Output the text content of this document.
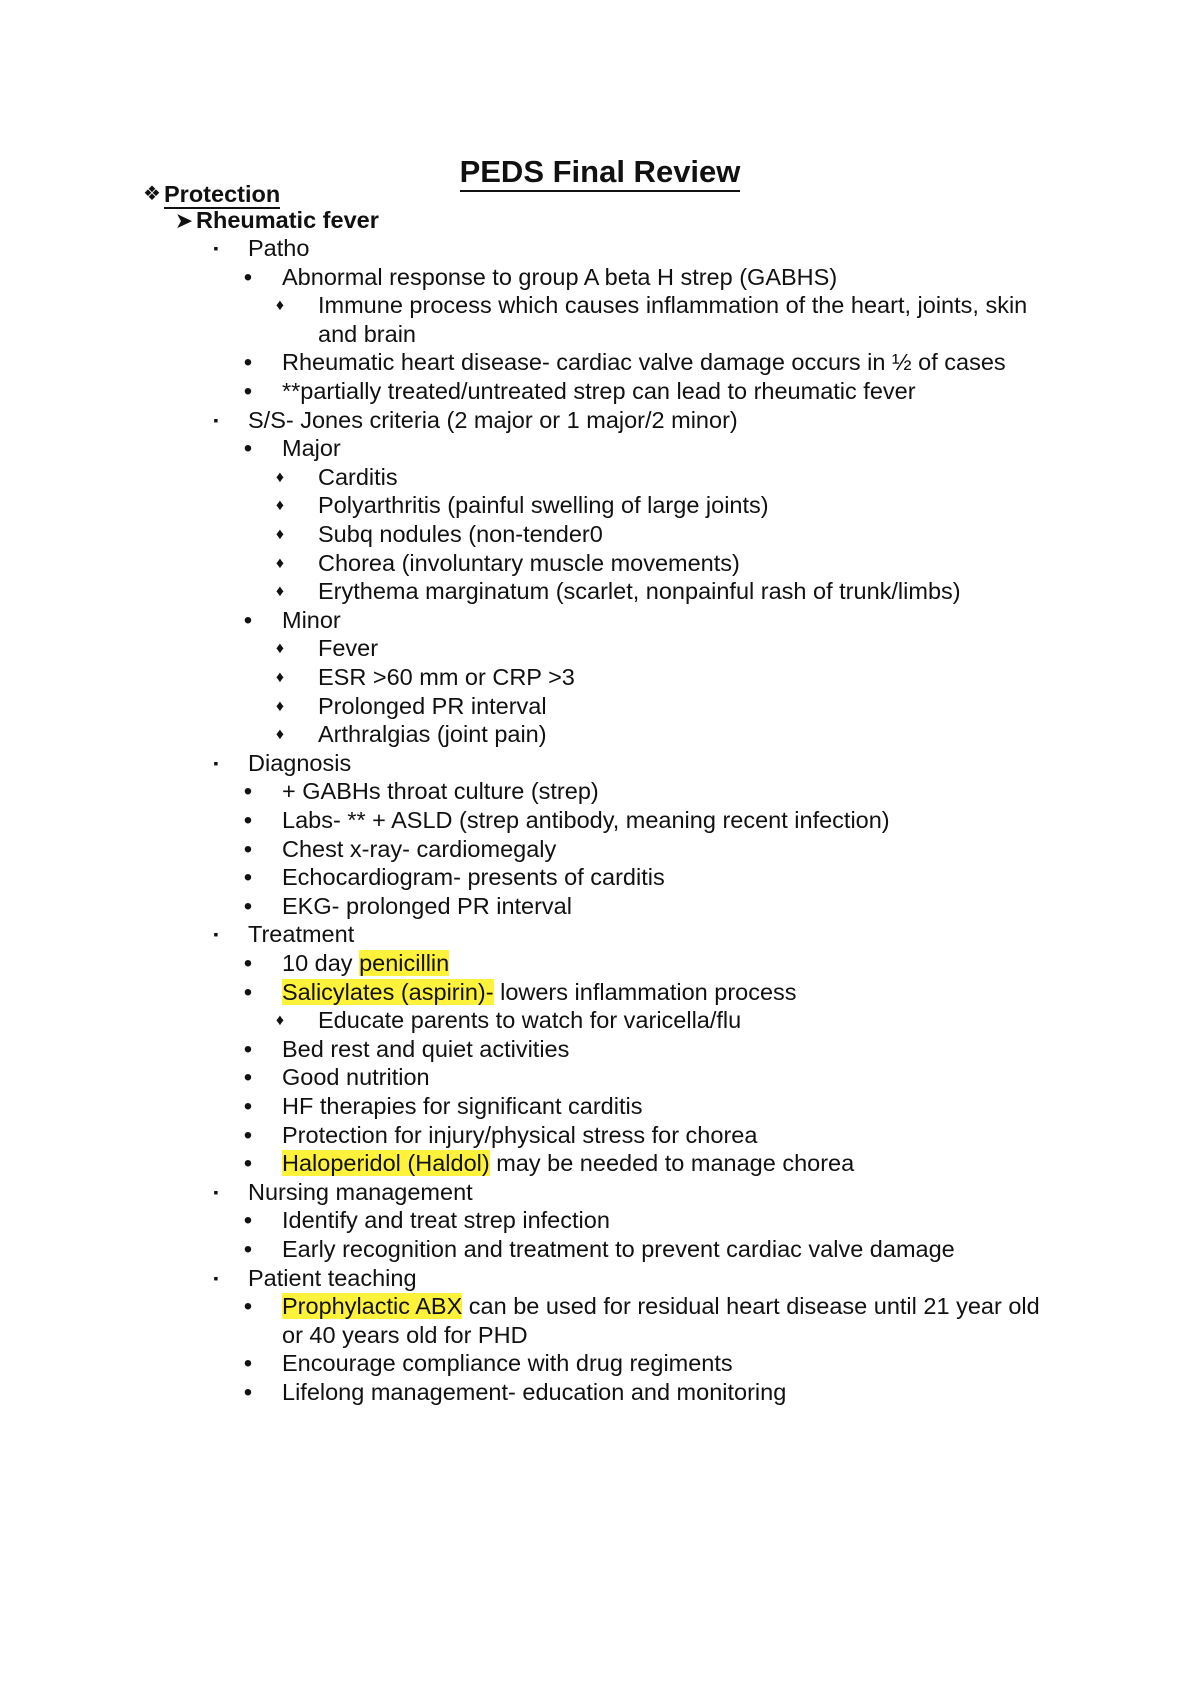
PEDS Final Review
❖ Protection
➤ Rheumatic fever
▪	Patho
•	Abnormal response to group A beta H strep (GABHS)
♦	Immune process which causes inflammation of the heart, joints, skin
and brain
•	Rheumatic heart disease- cardiac valve damage occurs in ½ of cases
•	**partially treated/untreated strep can lead to rheumatic fever
▪	S/S- Jones criteria (2 major or 1 major/2 minor)
•	Major
♦	Carditis
♦	Polyarthritis (painful swelling of large joints)
♦	Subq nodules (non-tender0
♦	Chorea (involuntary muscle movements)
♦	Erythema marginatum (scarlet, nonpainful rash of trunk/limbs)
•	Minor
♦	Fever
♦	ESR >60 mm or CRP >3
♦	Prolonged PR interval
♦	Arthralgias (joint pain)
▪	Diagnosis
•	+ GABHs throat culture (strep)
•	Labs- ** + ASLD (strep antibody, meaning recent infection)
•	Chest x-ray- cardiomegaly
•	Echocardiogram- presents of carditis
•	EKG- prolonged PR interval
▪	Treatment
•	10 day penicillin
•	Salicylates (aspirin)- lowers inflammation process
♦	Educate parents to watch for varicella/flu
•	Bed rest and quiet activities
•	Good nutrition
•	HF therapies for significant carditis
•	Protection for injury/physical stress for chorea
•	Haloperidol (Haldol) may be needed to manage chorea
▪	Nursing management
•	Identify and treat strep infection
•	Early recognition and treatment to prevent cardiac valve damage
▪	Patient teaching
•	Prophylactic ABX can be used for residual heart disease until 21 year old
or 40 years old for PHD
•	Encourage compliance with drug regiments
•	Lifelong management- education and monitoring
